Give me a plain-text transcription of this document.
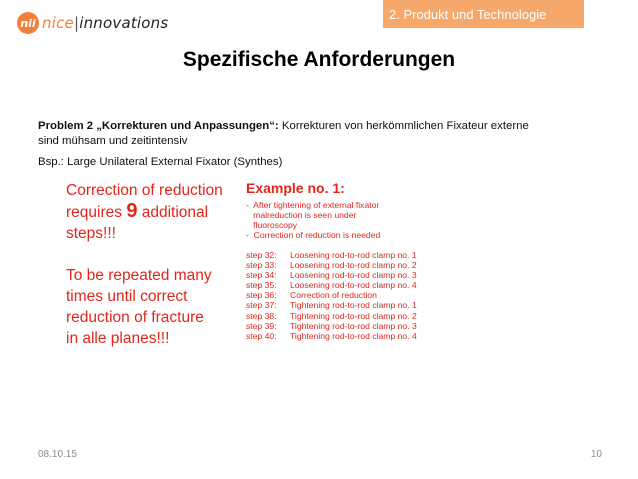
nii nice|innovations	2. Produkt und Technologie
Spezifische Anforderungen
Problem 2 „Korrekturen und Anpassungen“: Korrekturen von herkömmlichen Fixateur externe
sind mühsam und zeitintensiv
Bsp.: Large Unilateral External Fixator (Synthes)
Correction of reduction
requires 9 additional
steps!!!
To be repeated many
times until correct
reduction of fracture
in alle planes!!!
Example no. 1:
-  After tightening of external fixator
malreduction is seen under
fluoroscopy
-  Correction of reduction is needed
step 32: Loosening rod-to-rod clamp no. 1
step 33: Loosening rod-to-rod clamp no. 2
step 34: Loosening rod-to-rod clamp no. 3
step 35: Loosening rod-to-rod clamp no. 4
step 36: Correction of reduction
step 37: Tightening rod-to-rod clamp no. 1
step 38: Tightening rod-to-rod clamp no. 2
step 39: Tightening rod-to-rod clamp no. 3
step 40: Tightening rod-to-rod clamp no. 4
08.10.15	10
